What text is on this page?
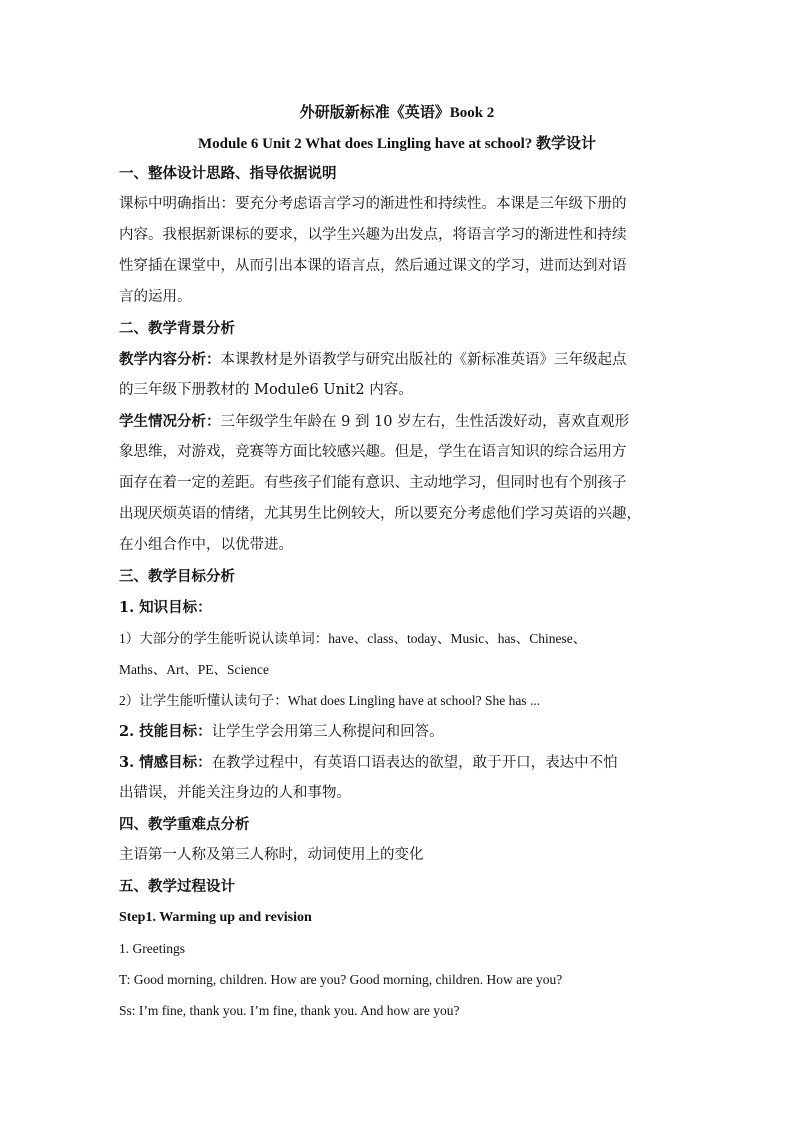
外研版新标准《英语》Book 2
Module 6 Unit 2 What does Lingling have at school? 教学设计
一、整体设计思路、指导依据说明
课标中明确指出：要充分考虑语言学习的渐进性和持续性。本课是三年级下册的
内容。我根据新课标的要求，以学生兴趣为出发点，将语言学习的渐进性和持续
性穿插在课堂中，从而引出本课的语言点，然后通过课文的学习，进而达到对语
言的运用。
二、教学背景分析
教学内容分析：本课教材是外语教学与研究出版社的《新标准英语》三年级起点
的三年级下册教材的 Module6 Unit2 内容。
学生情况分析：三年级学生年龄在 9 到 10 岁左右，生性活泼好动，喜欢直观形
象思维，对游戏，竞赛等方面比较感兴趣。但是，学生在语言知识的综合运用方
面存在着一定的差距。有些孩子们能有意识、主动地学习，但同时也有个别孩子
出现厌烦英语的情绪，尤其男生比例较大，所以要充分考虑他们学习英语的兴趣，
在小组合作中，以优带进。
三、教学目标分析
1. 知识目标：
1）大部分的学生能听说认读单词：have、class、today、Music、has、Chinese、
Maths、Art、PE、Science
2）让学生能听懂认读句子：What does Lingling have at school? She has ...
2. 技能目标：让学生学会用第三人称提问和回答。
3. 情感目标：在教学过程中，有英语口语表达的欲望，敢于开口，表达中不怕
出错误，并能关注身边的人和事物。
四、教学重难点分析
主语第一人称及第三人称时，动词使用上的变化
五、教学过程设计
Step1. Warming up and revision
1. Greetings
T: Good morning, children. How are you? Good morning, children. How are you?
Ss: I’m fine, thank you. I’m fine, thank you. And how are you?
